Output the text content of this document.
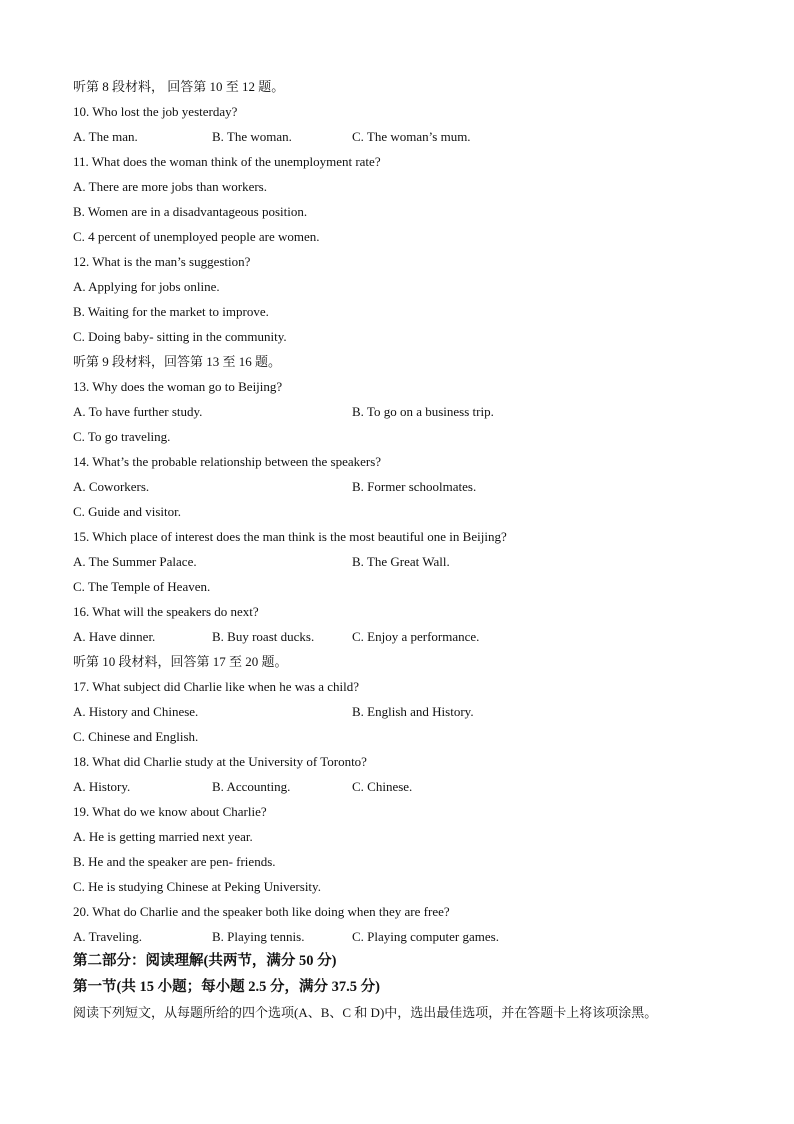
听第 8 段材料， 回答第 10 至 12 题。
10. Who lost the job yesterday?
A. The man.	B. The woman.	C. The woman’s mum.
11. What does the woman think of the unemployment rate?
A. There are more jobs than workers.
B. Women are in a disadvantageous position.
C. 4 percent of unemployed people are women.
12. What is the man’s suggestion?
A. Applying for jobs online.
B. Waiting for the market to improve.
C. Doing baby- sitting in the community.
听第 9 段材料，回答第 13 至 16 题。
13. Why does the woman go to Beijing?
A. To have further study.	B. To go on a business trip.
C. To go traveling.
14. What’s the probable relationship between the speakers?
A. Coworkers.	B. Former schoolmates.
C. Guide and visitor.
15. Which place of interest does the man think is the most beautiful one in Beijing?
A. The Summer Palace.	B. The Great Wall.
C. The Temple of Heaven.
16. What will the speakers do next?
A. Have dinner.	B. Buy roast ducks.	C. Enjoy a performance.
听第 10 段材料，回答第 17 至 20 题。
17. What subject did Charlie like when he was a child?
A. History and Chinese.	B. English and History.
C. Chinese and English.
18. What did Charlie study at the University of Toronto?
A. History.	B. Accounting.	C. Chinese.
19. What do we know about Charlie?
A. He is getting married next year.
B. He and the speaker are pen- friends.
C. He is studying Chinese at Peking University.
20. What do Charlie and the speaker both like doing when they are free?
A. Traveling.	B. Playing tennis.	C. Playing computer games.
第二部分：阅读理解(共两节，满分 50 分)
第一节(共 15 小题；每小题 2.5 分，满分 37.5 分)
阅读下列短文，从每题所给的四个选项(A、B、C 和 D)中，选出最佳选项，并在答题卡上将该项涂黑。
